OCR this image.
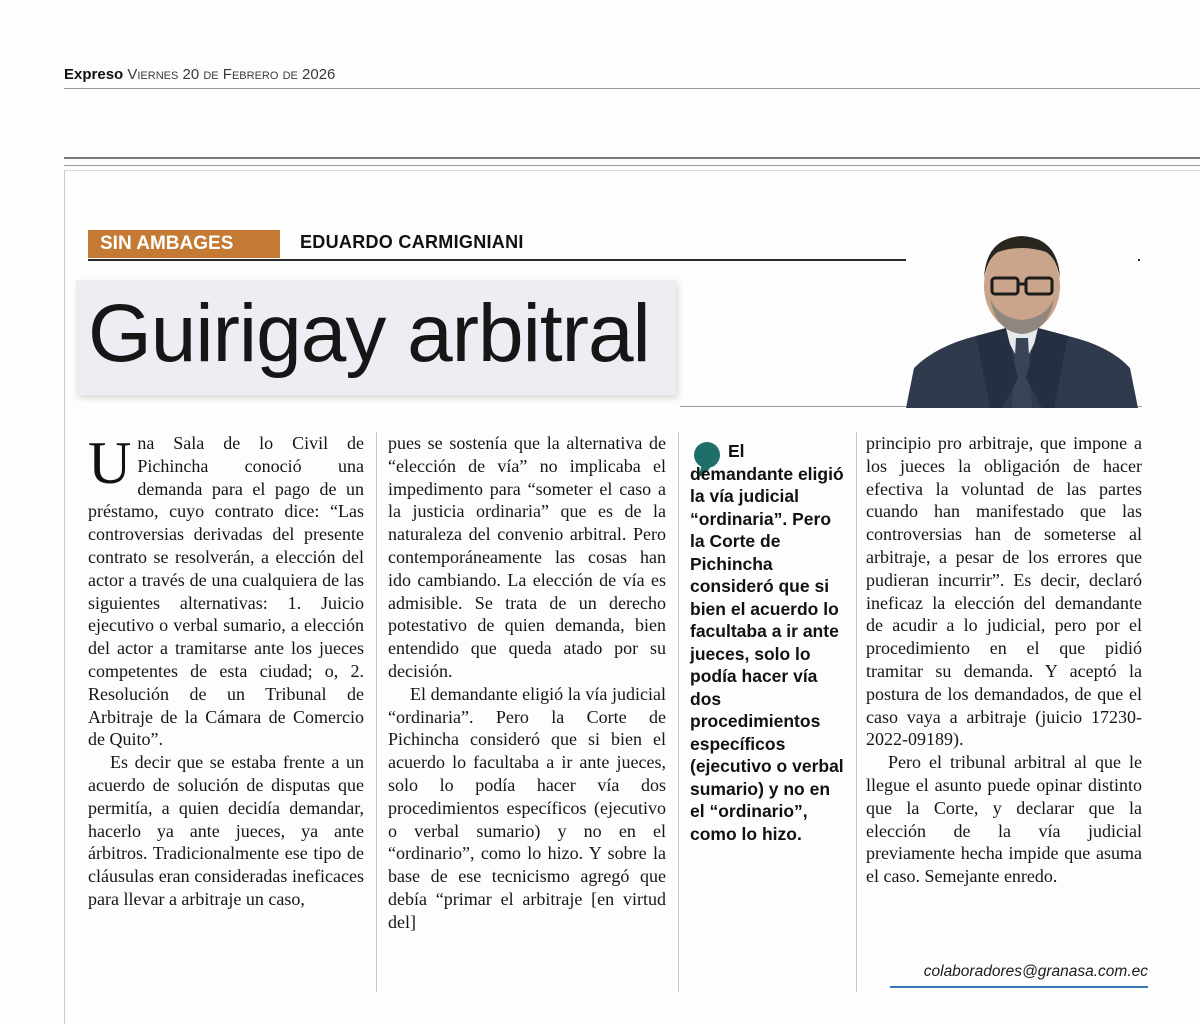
Expreso Viernes 20 de Febrero de 2026
SIN AMBAGES	EDUARDO CARMIGNIANI
Guirigay arbitral

Una Sala de lo Civil de Pichincha conoció una demanda para el pago de un préstamo, cuyo contrato dice: “Las controversias derivadas del presente contrato se resolverán, a elección del actor a través de una cualquiera de las siguientes alternativas: 1. Juicio ejecutivo o verbal sumario, a elección del actor a tramitarse ante los jueces competentes de esta ciudad; o, 2. Resolución de un Tribunal de Arbitraje de la Cámara de Comercio de Quito”.

Es decir que se estaba frente a un acuerdo de solución de disputas que permitía, a quien decidía demandar, hacerlo ya ante jueces, ya ante árbitros. Tradicionalmente ese tipo de cláusulas eran consideradas ineficaces para llevar a arbitraje un caso,

pues se sostenía que la alternativa de “elección de vía” no implicaba el impedimento para “someter el caso a la justicia ordinaria” que es de la naturaleza del convenio arbitral. Pero contemporáneamente las cosas han ido cambiando. La elección de vía es admisible. Se trata de un derecho potestativo de quien demanda, bien entendido que queda atado por su decisión.

El demandante eligió la vía judicial “ordinaria”. Pero la Corte de Pichincha consideró que si bien el acuerdo lo facultaba a ir ante jueces, solo lo podía hacer vía dos procedimientos específicos (ejecutivo o verbal sumario) y no en el “ordinario”, como lo hizo. Y sobre la base de ese tecnicismo agregó que debía “primar el arbitraje [en virtud del]

El demandante eligió la vía judicial “ordinaria”. Pero la Corte de Pichincha consideró que si bien el acuerdo lo facultaba a ir ante jueces, solo lo podía hacer vía dos procedimientos específicos (ejecutivo o verbal sumario) y no en el “ordinario”, como lo hizo.

principio pro arbitraje, que impone a los jueces la obligación de hacer efectiva la voluntad de las partes cuando han manifestado que las controversias han de someterse al arbitraje, a pesar de los errores que pudieran incurrir”. Es decir, declaró ineficaz la elección del demandante de acudir a lo judicial, pero por el procedimiento en el que pidió tramitar su demanda. Y aceptó la postura de los demandados, de que el caso vaya a arbitraje (juicio 17230-2022-09189).

Pero el tribunal arbitral al que le llegue el asunto puede opinar distinto que la Corte, y declarar que la elección de la vía judicial previamente hecha impide que asuma el caso. Semejante enredo.

colaboradores@granasa.com.ec
